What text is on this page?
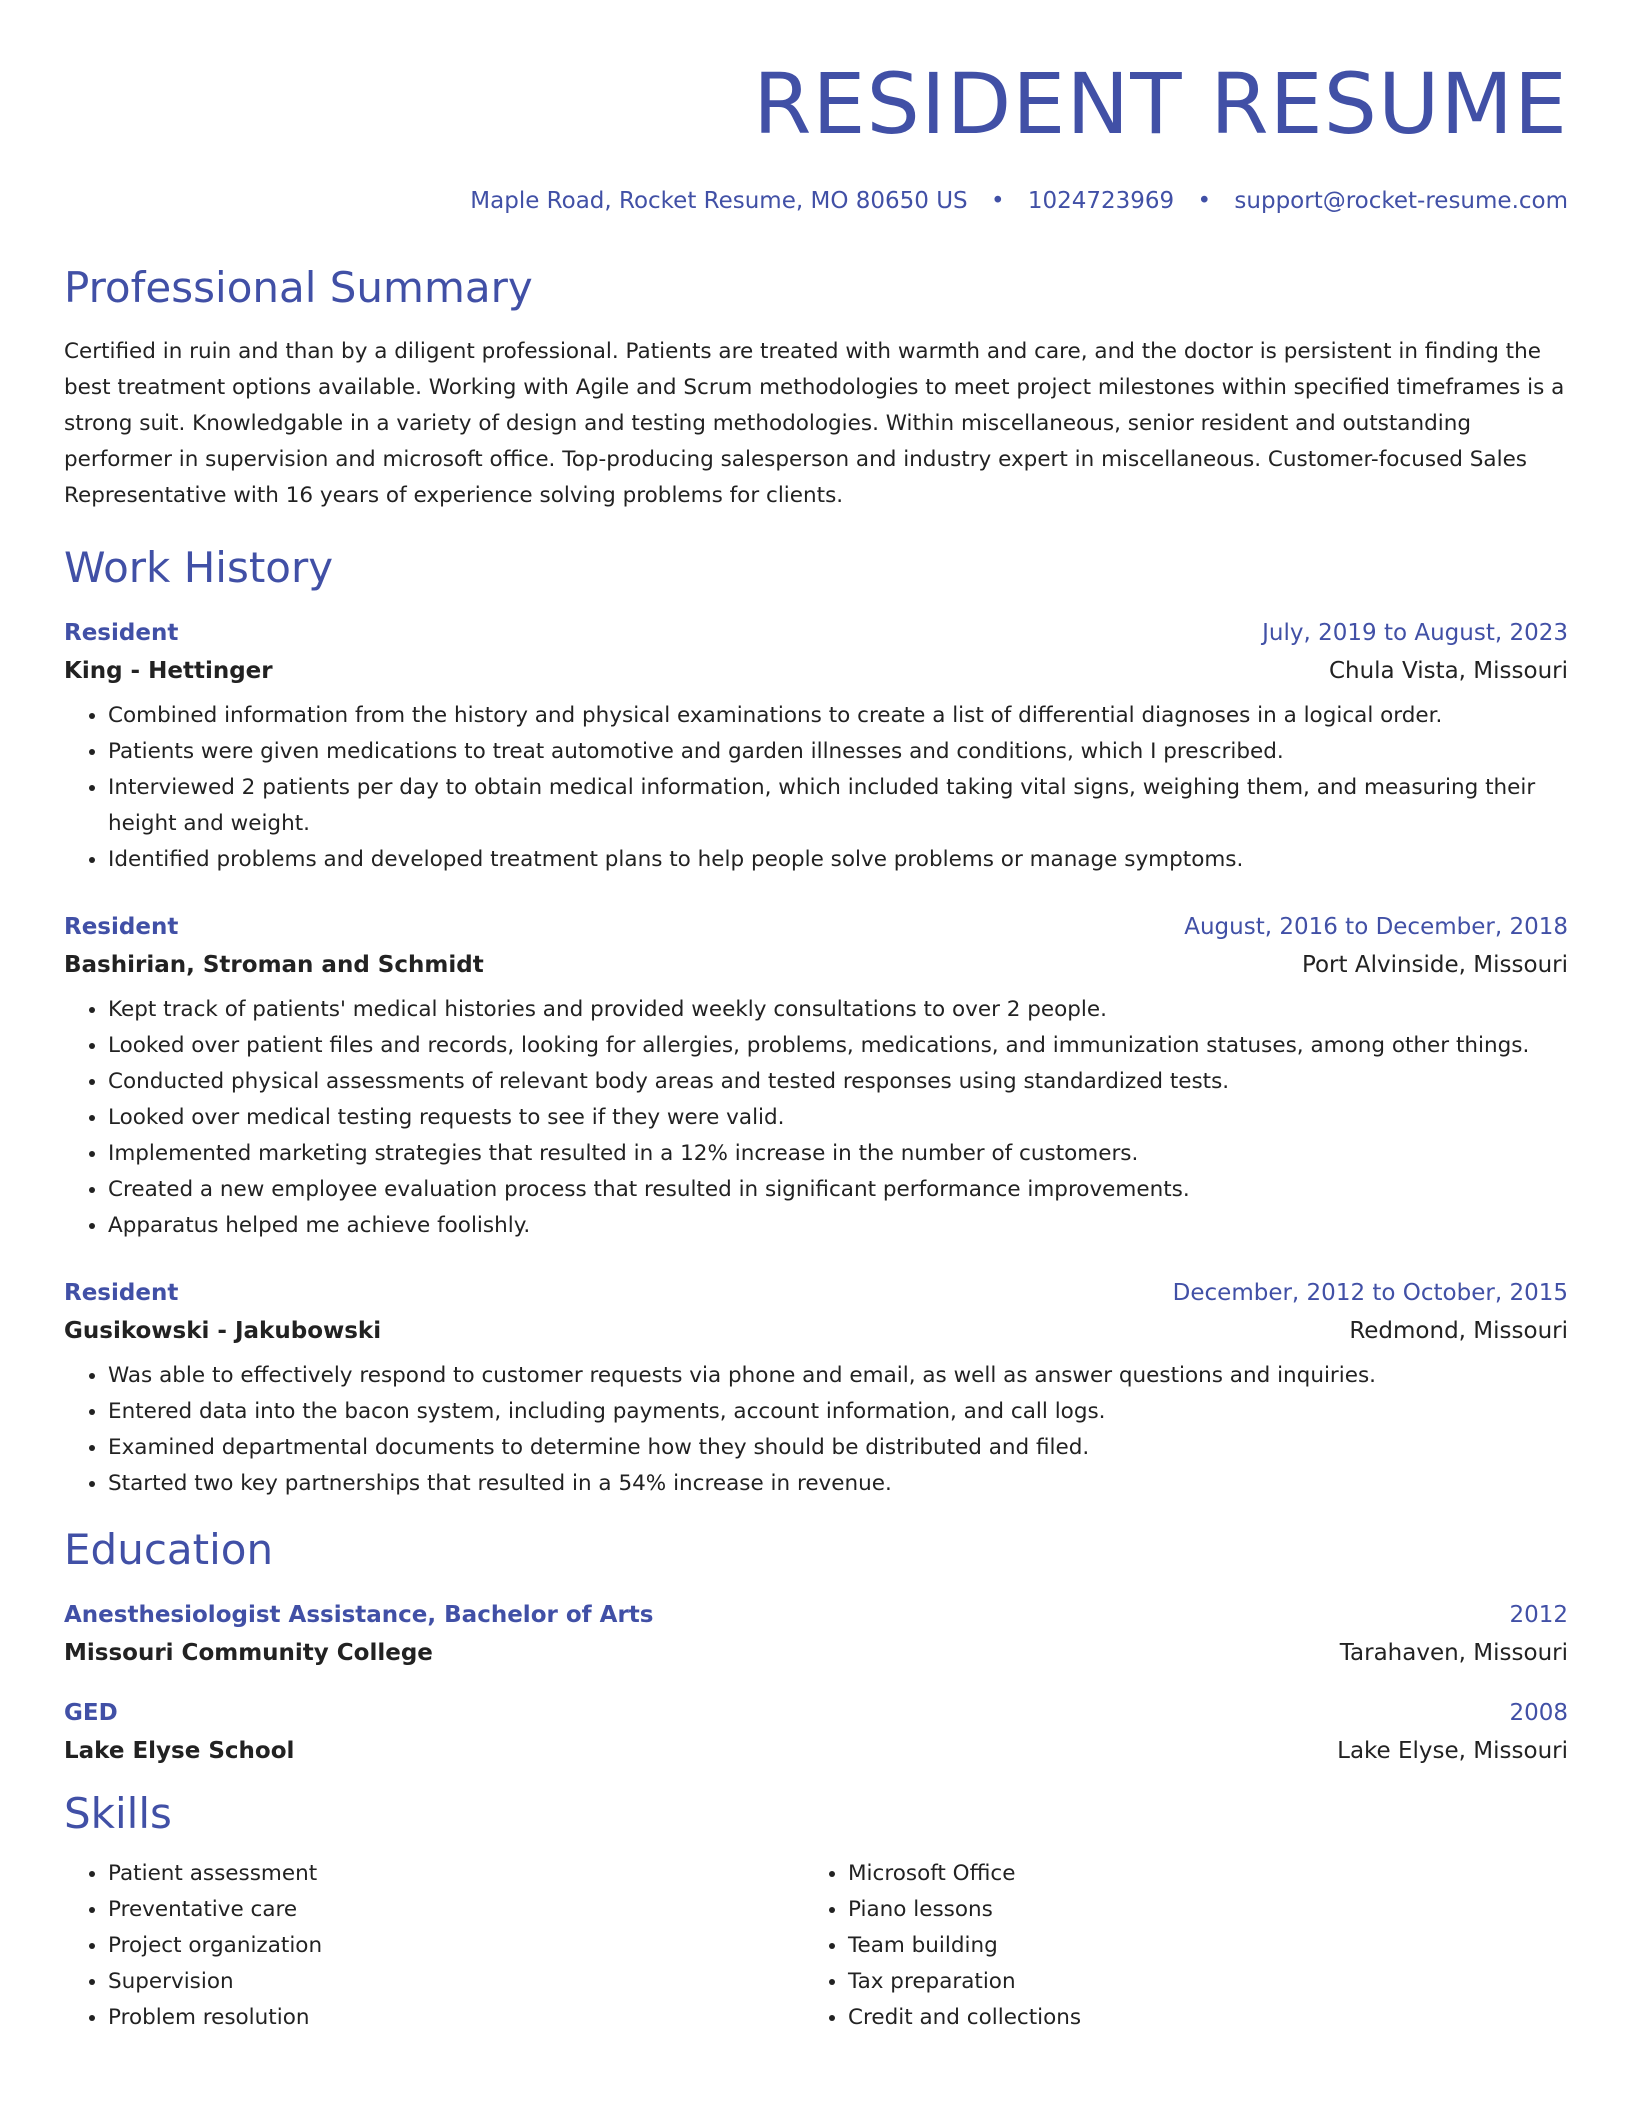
RESIDENT RESUME
Maple Road, Rocket Resume, MO 80650 US • 1024723969 • support@rocket-resume.com
Professional Summary

Certified in ruin and than by a diligent professional. Patients are treated with warmth and care, and the doctor is persistent in finding the best treatment options available. Working with Agile and Scrum methodologies to meet project milestones within specified timeframes is a strong suit. Knowledgable in a variety of design and testing methodologies. Within miscellaneous, senior resident and outstanding performer in supervision and microsoft office. Top-producing salesperson and industry expert in miscellaneous. Customer-focused Sales Representative with 16 years of experience solving problems for clients.

Work History
Resident	July, 2019 to August, 2023
King - Hettinger	Chula Vista, Missouri
• Combined information from the history and physical examinations to create a list of differential diagnoses in a logical order.
• Patients were given medications to treat automotive and garden illnesses and conditions, which I prescribed.
• Interviewed 2 patients per day to obtain medical information, which included taking vital signs, weighing them, and measuring their height and weight.
• Identified problems and developed treatment plans to help people solve problems or manage symptoms.
Resident	August, 2016 to December, 2018
Bashirian, Stroman and Schmidt	Port Alvinside, Missouri
• Kept track of patients' medical histories and provided weekly consultations to over 2 people.
• Looked over patient files and records, looking for allergies, problems, medications, and immunization statuses, among other things.
• Conducted physical assessments of relevant body areas and tested responses using standardized tests.
• Looked over medical testing requests to see if they were valid.
• Implemented marketing strategies that resulted in a 12% increase in the number of customers.
• Created a new employee evaluation process that resulted in significant performance improvements.
• Apparatus helped me achieve foolishly.
Resident	December, 2012 to October, 2015
Gusikowski - Jakubowski	Redmond, Missouri
• Was able to effectively respond to customer requests via phone and email, as well as answer questions and inquiries.
• Entered data into the bacon system, including payments, account information, and call logs.
• Examined departmental documents to determine how they should be distributed and filed.
• Started two key partnerships that resulted in a 54% increase in revenue.
Education
Anesthesiologist Assistance, Bachelor of Arts	2012
Missouri Community College	Tarahaven, Missouri
GED	2008
Lake Elyse School	Lake Elyse, Missouri
Skills
• Patient assessment
• Preventative care
• Project organization
• Supervision
• Problem resolution
• Microsoft Office
• Piano lessons
• Team building
• Tax preparation
• Credit and collections
